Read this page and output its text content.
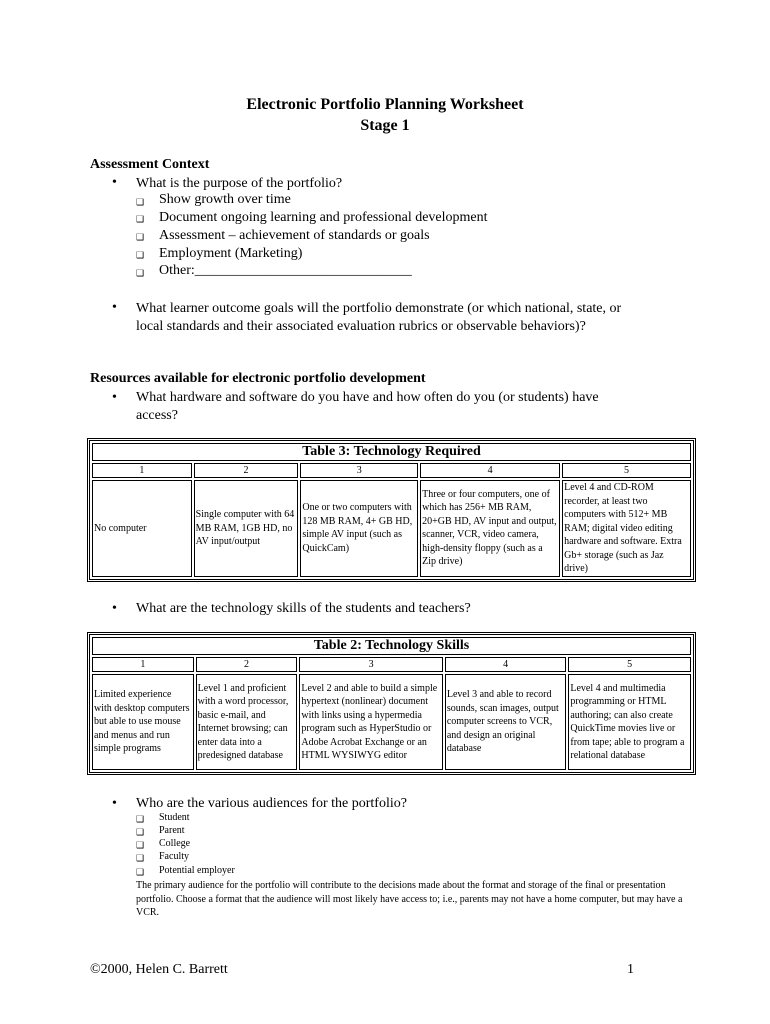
Electronic Portfolio Planning Worksheet
Stage 1
Assessment Context
• What is the purpose of the portfolio?
❑ Show growth over time
❑ Document ongoing learning and professional development
❑ Assessment – achievement of standards or goals
❑ Employment (Marketing)
❑ Other:_______________________________
• What learner outcome goals will the portfolio demonstrate (or which national, state, or
local standards and their associated evaluation rubrics or observable behaviors)?
Resources available for electronic portfolio development
• What hardware and software do you have and how often do you (or students) have
access?
Table 3: Technology Required				
1	2	3	4	5
No computer	Single computer with 64 MB RAM, 1GB HD, no AV input/output	One or two computers with 128 MB RAM, 4+ GB HD, simple AV input (such as QuickCam)	Three or four computers, one of which has 256+ MB RAM, 20+GB HD, AV input and output, scanner, VCR, video camera, high-density floppy (such as a Zip drive)	Level 4 and CD-ROM recorder, at least two computers with 512+ MB RAM; digital video editing hardware and software. Extra Gb+ storage (such as Jaz drive)
• What are the technology skills of the students and teachers?
Table 2: Technology Skills				
1	2	3	4	5
Limited experience with desktop computers but able to use mouse and menus and run simple programs	Level 1 and proficient with a word processor, basic e-mail, and Internet browsing; can enter data into a predesigned database	Level 2 and able to build a simple hypertext (nonlinear) document with links using a hypermedia program such as HyperStudio or Adobe Acrobat Exchange or an HTML WYSIWYG editor	Level 3 and able to record sounds, scan images, output computer screens to VCR, and design an original database	Level 4 and multimedia programming or HTML authoring; can also create QuickTime movies live or from tape; able to program a relational database
• Who are the various audiences for the portfolio?
❑ Student
❑ Parent
❑ College
❑ Faculty
❑ Potential employer
The primary audience for the portfolio will contribute to the decisions made about the format and storage of the final or presentation portfolio. Choose a format that the audience will most likely have access to; i.e., parents may not have a home computer, but may have a VCR.
©2000, Helen C. Barrett	1
